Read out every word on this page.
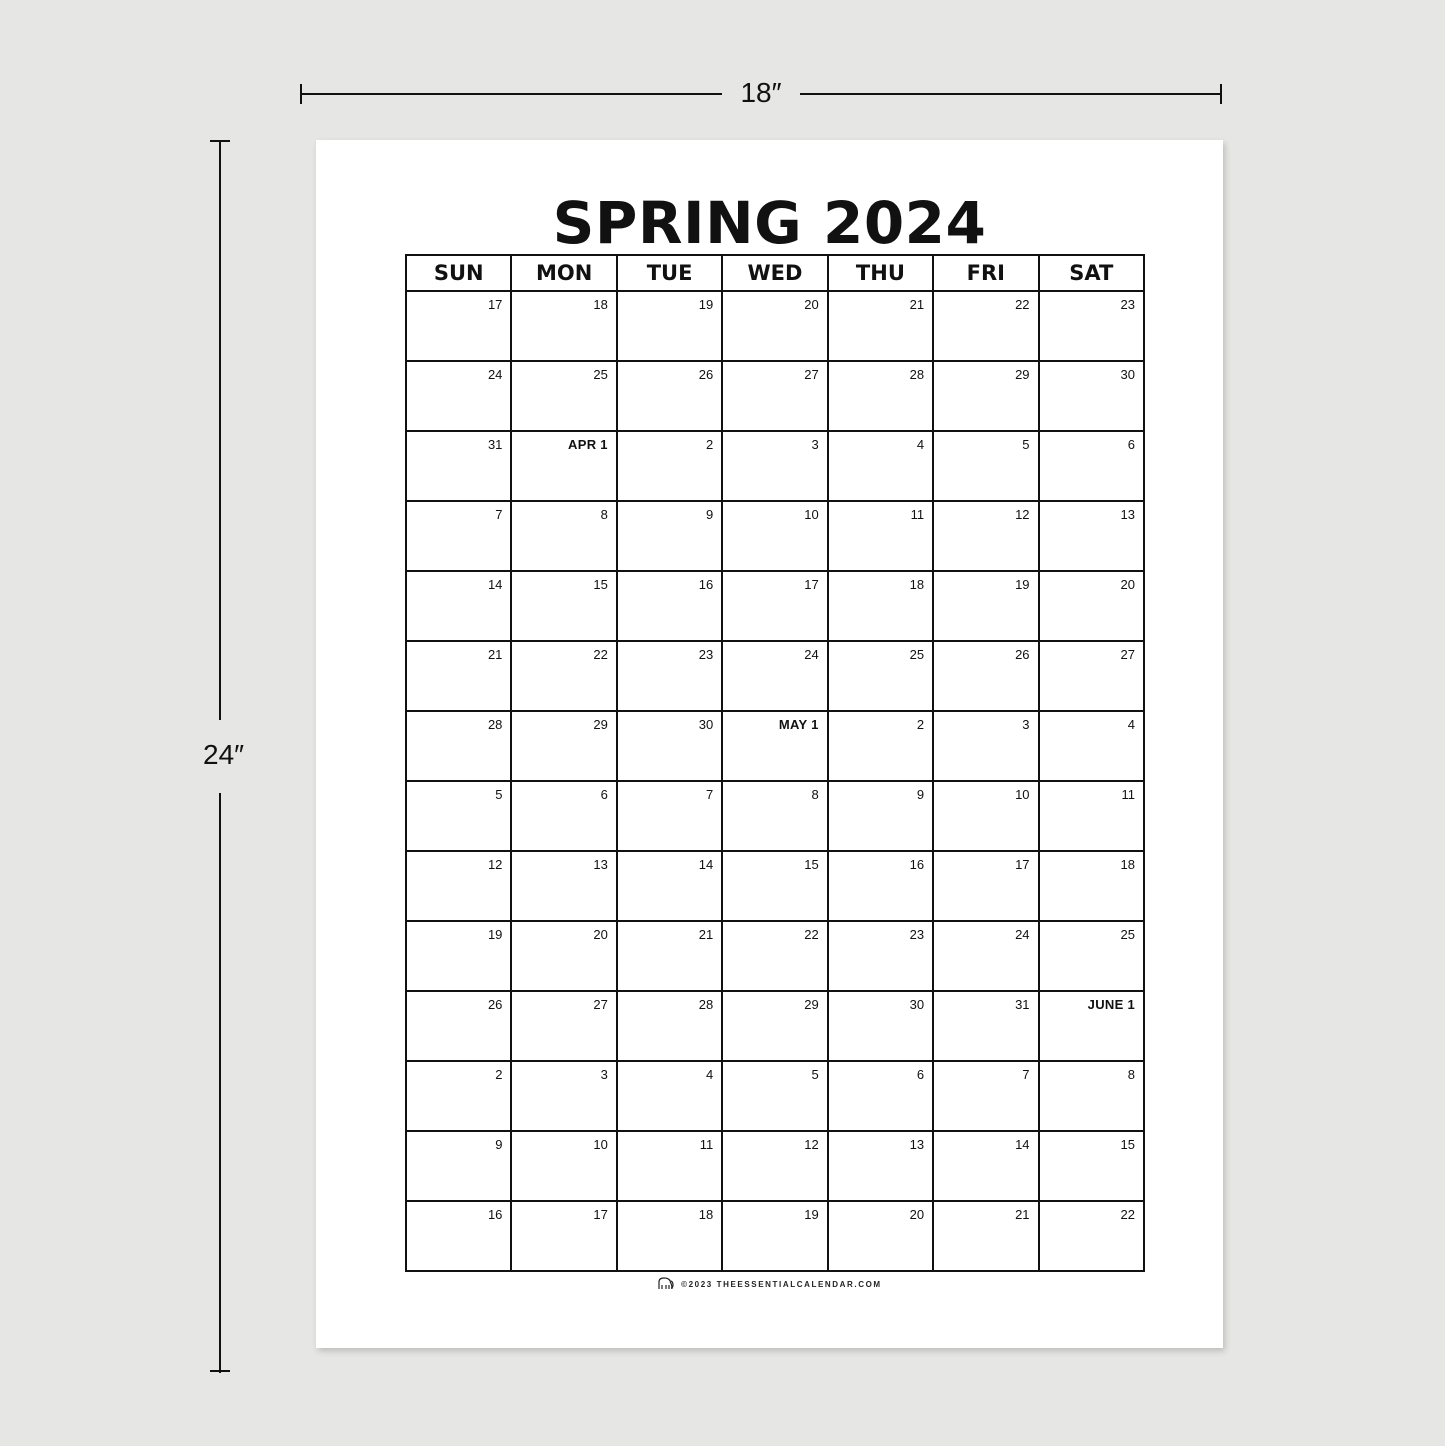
18″
24″
SPRING 2024
SUN	MON	TUE	WED	THU	FRI	SAT
17	18	19	20	21	22	23
24	25	26	27	28	29	30
31	APR 1	2	3	4	5	6
7	8	9	10	11	12	13
14	15	16	17	18	19	20
21	22	23	24	25	26	27
28	29	30	MAY 1	2	3	4
5	6	7	8	9	10	11
12	13	14	15	16	17	18
19	20	21	22	23	24	25
26	27	28	29	30	31	JUNE 1
2	3	4	5	6	7	8
9	10	11	12	13	14	15
16	17	18	19	20	21	22
©2023 THEESSENTIALCALENDAR.COM
